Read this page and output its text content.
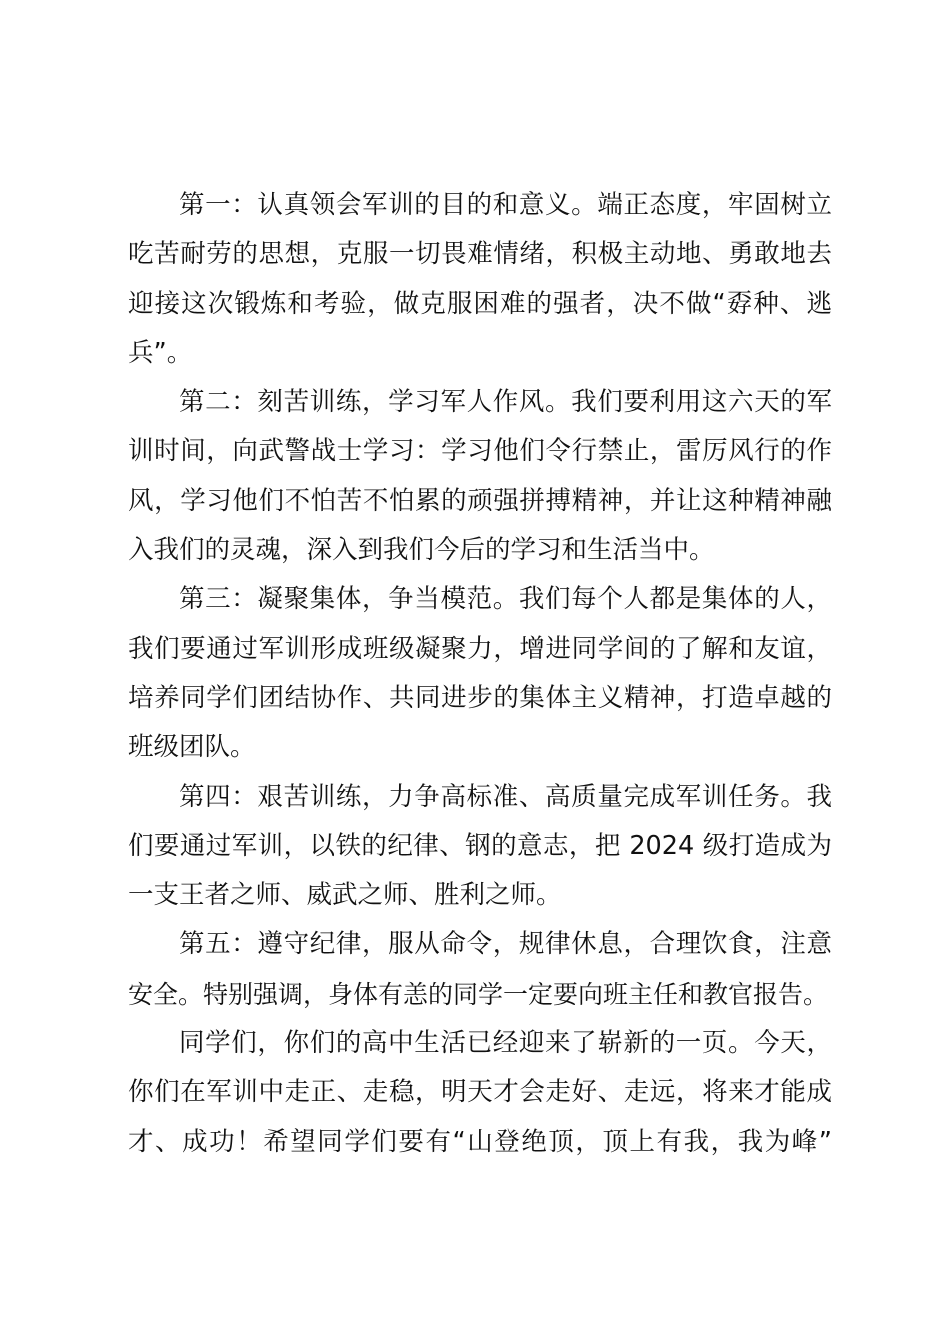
第一：认真领会军训的目的和意义。端正态度，牢固树立
吃苦耐劳的思想，克服一切畏难情绪，积极主动地、勇敢地去
迎接这次锻炼和考验，做克服困难的强者，决不做“孬种、逃
兵”。
第二：刻苦训练，学习军人作风。我们要利用这六天的军
训时间，向武警战士学习：学习他们令行禁止，雷厉风行的作
风，学习他们不怕苦不怕累的顽强拼搏精神，并让这种精神融
入我们的灵魂，深入到我们今后的学习和生活当中。
第三：凝聚集体，争当模范。我们每个人都是集体的人，
我们要通过军训形成班级凝聚力，增进同学间的了解和友谊，
培养同学们团结协作、共同进步的集体主义精神，打造卓越的
班级团队。
第四：艰苦训练，力争高标准、高质量完成军训任务。我
们要通过军训，以铁的纪律、钢的意志，把 2024 级打造成为
一支王者之师、威武之师、胜利之师。
第五：遵守纪律，服从命令，规律休息，合理饮食，注意
安全。特别强调，身体有恙的同学一定要向班主任和教官报告。
同学们，你们的高中生活已经迎来了崭新的一页。今天，
你们在军训中走正、走稳，明天才会走好、走远，将来才能成
才、成功！希望同学们要有“山登绝顶，顶上有我，我为峰”
